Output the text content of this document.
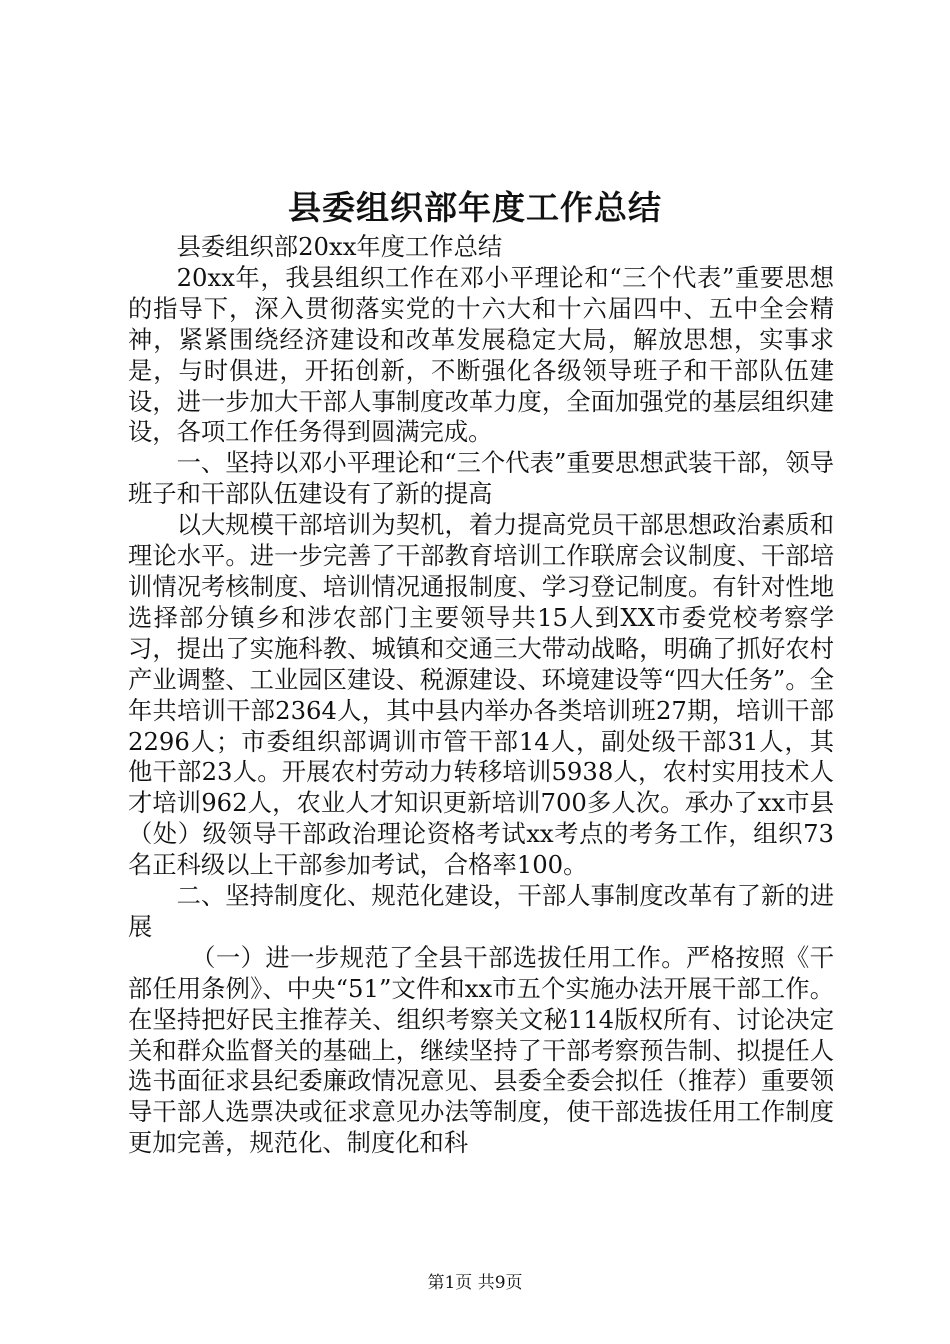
县委组织部年度工作总结

县委组织部20xx年度工作总结

20xx年，我县组织工作在邓小平理论和“三个代表”重要思想的指导下，深入贯彻落实党的十六大和十六届四中、五中全会精神，紧紧围绕经济建设和改革发展稳定大局，解放思想，实事求是，与时俱进，开拓创新，不断强化各级领导班子和干部队伍建设，进一步加大干部人事制度改革力度，全面加强党的基层组织建设，各项工作任务得到圆满完成。

一、坚持以邓小平理论和“三个代表”重要思想武装干部，领导班子和干部队伍建设有了新的提高

以大规模干部培训为契机，着力提高党员干部思想政治素质和理论水平。进一步完善了干部教育培训工作联席会议制度、干部培训情况考核制度、培训情况通报制度、学习登记制度。有针对性地选择部分镇乡和涉农部门主要领导共15人到XX市委党校考察学习，提出了实施科教、城镇和交通三大带动战略，明确了抓好农村产业调整、工业园区建设、税源建设、环境建设等“四大任务”。全年共培训干部2364人，其中县内举办各类培训班27期，培训干部2296人；市委组织部调训市管干部14人，副处级干部31人，其他干部23人。开展农村劳动力转移培训5938人，农村实用技术人才培训962人，农业人才知识更新培训700多人次。承办了xx市县（处）级领导干部政治理论资格考试xx考点的考务工作，组织73名正科级以上干部参加考试，合格率100。

二、坚持制度化、规范化建设，干部人事制度改革有了新的进展

（一）进一步规范了全县干部选拔任用工作。严格按照《干部任用条例》、中央“51”文件和xx市五个实施办法开展干部工作。在坚持把好民主推荐关、组织考察关文秘114版权所有、讨论决定关和群众监督关的基础上，继续坚持了干部考察预告制、拟提任人选书面征求县纪委廉政情况意见、县委全委会拟任（推荐）重要领导干部人选票决或征求意见办法等制度，使干部选拔任用工作制度更加完善，规范化、制度化和科

第1页 共9页
